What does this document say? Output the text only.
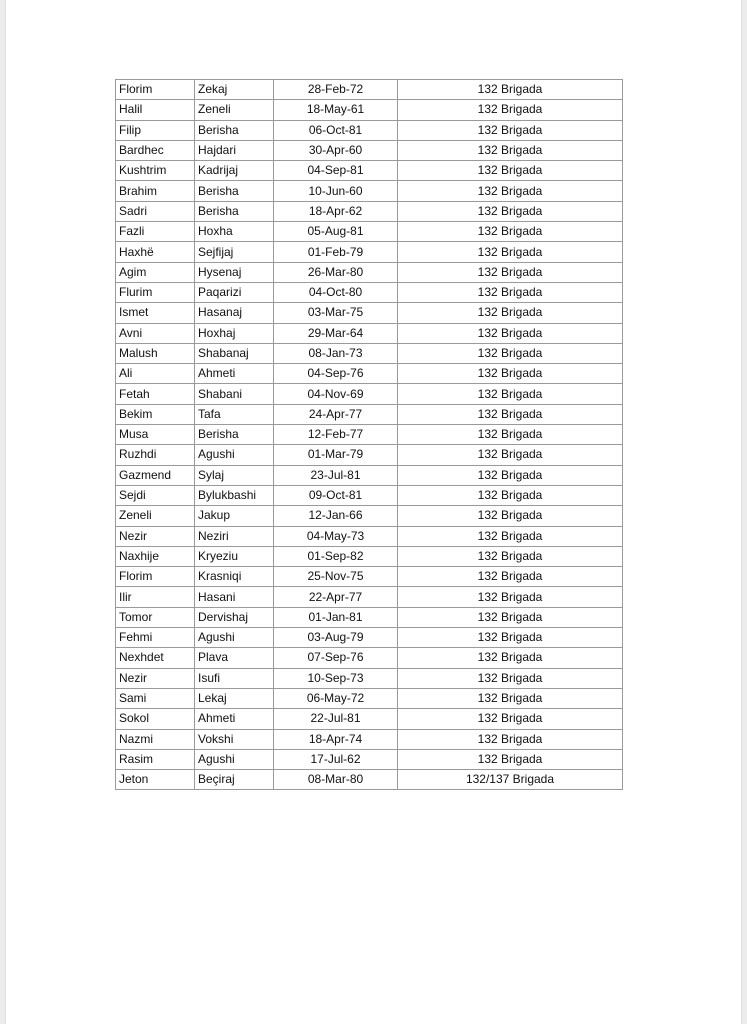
Florim	Zekaj	28-Feb-72	132 Brigada
Halil	Zeneli	18-May-61	132 Brigada
Filip	Berisha	06-Oct-81	132 Brigada
Bardhec	Hajdari	30-Apr-60	132 Brigada
Kushtrim	Kadrijaj	04-Sep-81	132 Brigada
Brahim	Berisha	10-Jun-60	132 Brigada
Sadri	Berisha	18-Apr-62	132 Brigada
Fazli	Hoxha	05-Aug-81	132 Brigada
Haxhë	Sejfijaj	01-Feb-79	132 Brigada
Agim	Hysenaj	26-Mar-80	132 Brigada
Flurim	Paqarizi	04-Oct-80	132 Brigada
Ismet	Hasanaj	03-Mar-75	132 Brigada
Avni	Hoxhaj	29-Mar-64	132 Brigada
Malush	Shabanaj	08-Jan-73	132 Brigada
Ali	Ahmeti	04-Sep-76	132 Brigada
Fetah	Shabani	04-Nov-69	132 Brigada
Bekim	Tafa	24-Apr-77	132 Brigada
Musa	Berisha	12-Feb-77	132 Brigada
Ruzhdi	Agushi	01-Mar-79	132 Brigada
Gazmend	Sylaj	23-Jul-81	132 Brigada
Sejdi	Bylukbashi	09-Oct-81	132 Brigada
Zeneli	Jakup	12-Jan-66	132 Brigada
Nezir	Neziri	04-May-73	132 Brigada
Naxhije	Kryeziu	01-Sep-82	132 Brigada
Florim	Krasniqi	25-Nov-75	132 Brigada
Ilir	Hasani	22-Apr-77	132 Brigada
Tomor	Dervishaj	01-Jan-81	132 Brigada
Fehmi	Agushi	03-Aug-79	132 Brigada
Nexhdet	Plava	07-Sep-76	132 Brigada
Nezir	Isufi	10-Sep-73	132 Brigada
Sami	Lekaj	06-May-72	132 Brigada
Sokol	Ahmeti	22-Jul-81	132 Brigada
Nazmi	Vokshi	18-Apr-74	132 Brigada
Rasim	Agushi	17-Jul-62	132 Brigada
Jeton	Beçiraj	08-Mar-80	132/137 Brigada
